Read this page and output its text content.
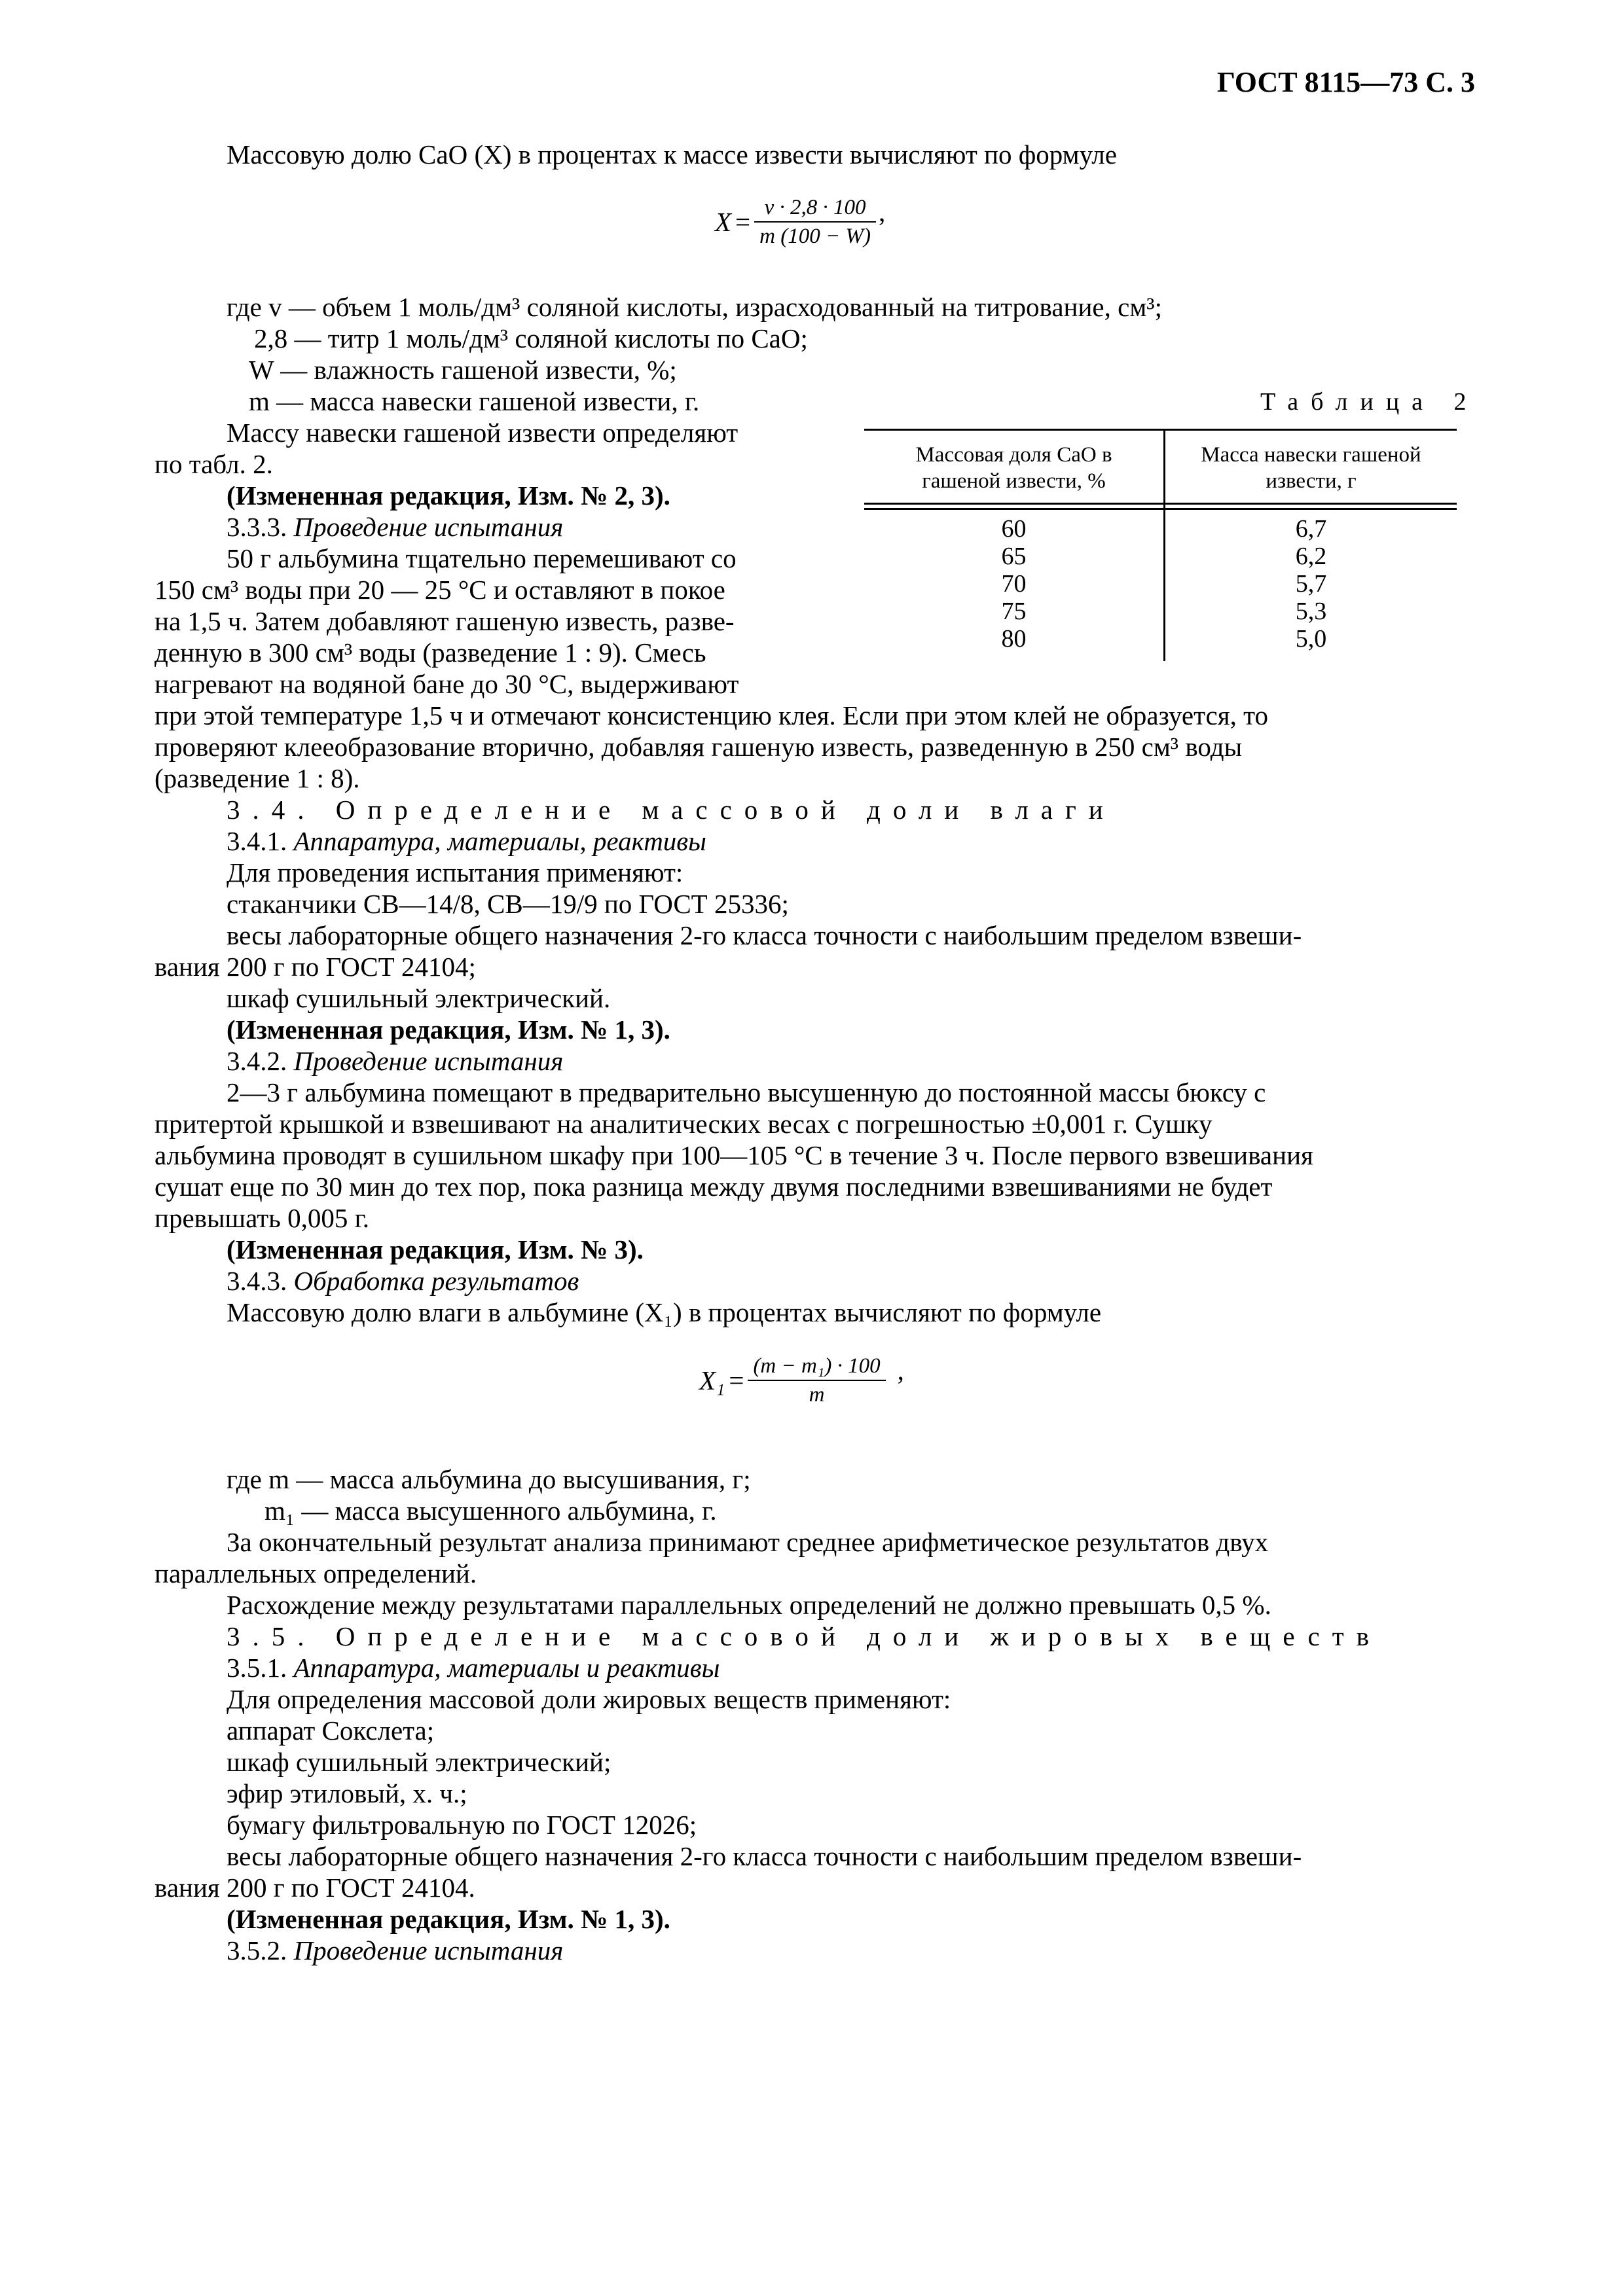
ГОСТ 8115—73 С. 3
Массовую долю CaO (X) в процентах к массе извести вычисляют по формуле
$X = \frac{v \cdot 2,8 \cdot 100}{m (100 - W)}$ ,
где v — объем 1 моль/дм³ соляной кислоты, израсходованный на титрование, см³;
2,8 — титр 1 моль/дм³ соляной кислоты по CaO;
W — влажность гашеной извести, %;
m — масса навески гашеной извести, г.	Таблица 2
Массовая доля CaO в
гашеной извести, %
Масса навески гашеной
извести, г
60
65
70
75
80
6,7
6,2
5,7
5,3
5,0
Массу навески гашеной извести определяют
по табл. 2.
(Измененная редакция, Изм. № 2, 3).
3.3.3. Проведение испытания
50 г альбумина тщательно перемешивают со
150 см³ воды при 20 — 25 °С и оставляют в покое
на 1,5 ч. Затем добавляют гашеную известь, разве-
денную в 300 см³ воды (разведение 1 : 9). Смесь
нагревают на водяной бане до 30 °С, выдерживают
при этой температуре 1,5 ч и отмечают консистенцию клея. Если при этом клей не образуется, то
проверяют клееобразование вторично, добавляя гашеную известь, разведенную в 250 см³ воды
(разведение 1 : 8).
3.4. Определение массовой доли влаги
3.4.1. Аппаратура, материалы, реактивы
Для проведения испытания применяют:
стаканчики СВ—14/8, СВ—19/9 по ГОСТ 25336;
весы лабораторные общего назначения 2-го класса точности с наибольшим пределом взвеши-
вания 200 г по ГОСТ 24104;
шкаф сушильный электрический.
(Измененная редакция, Изм. № 1, 3).
3.4.2. Проведение испытания
2—3 г альбумина помещают в предварительно высушенную до постоянной массы бюксу с
притертой крышкой и взвешивают на аналитических весах с погрешностью ±0,001 г. Сушку
альбумина проводят в сушильном шкафу при 100—105 °С в течение 3 ч. После первого взвешивания
сушат еще по 30 мин до тех пор, пока разница между двумя последними взвешиваниями не будет
превышать 0,005 г.
(Измененная редакция, Изм. № 3).
3.4.3. Обработка результатов
Массовую долю влаги в альбумине (X₁) в процентах вычисляют по формуле
$X_1 = \frac{\text{(m − m₁) · 100}}{m}$ ,
где m — масса альбумина до высушивания, г;
m₁ — масса высушенного альбумина, г.
За окончательный результат анализа принимают среднее арифметическое результатов двух
параллельных определений.
Расхождение между результатами параллельных определений не должно превышать 0,5 %.
3.5. Определение массовой доли жировых веществ
3.5.1. Аппаратура, материалы и реактивы
Для определения массовой доли жировых веществ применяют:
аппарат Сокслета;
шкаф сушильный электрический;
эфир этиловый, х. ч.;
бумагу фильтровальную по ГОСТ 12026;
весы лабораторные общего назначения 2-го класса точности с наибольшим пределом взвеши-
вания 200 г по ГОСТ 24104.
(Измененная редакция, Изм. № 1, 3).
3.5.2. Проведение испытания
